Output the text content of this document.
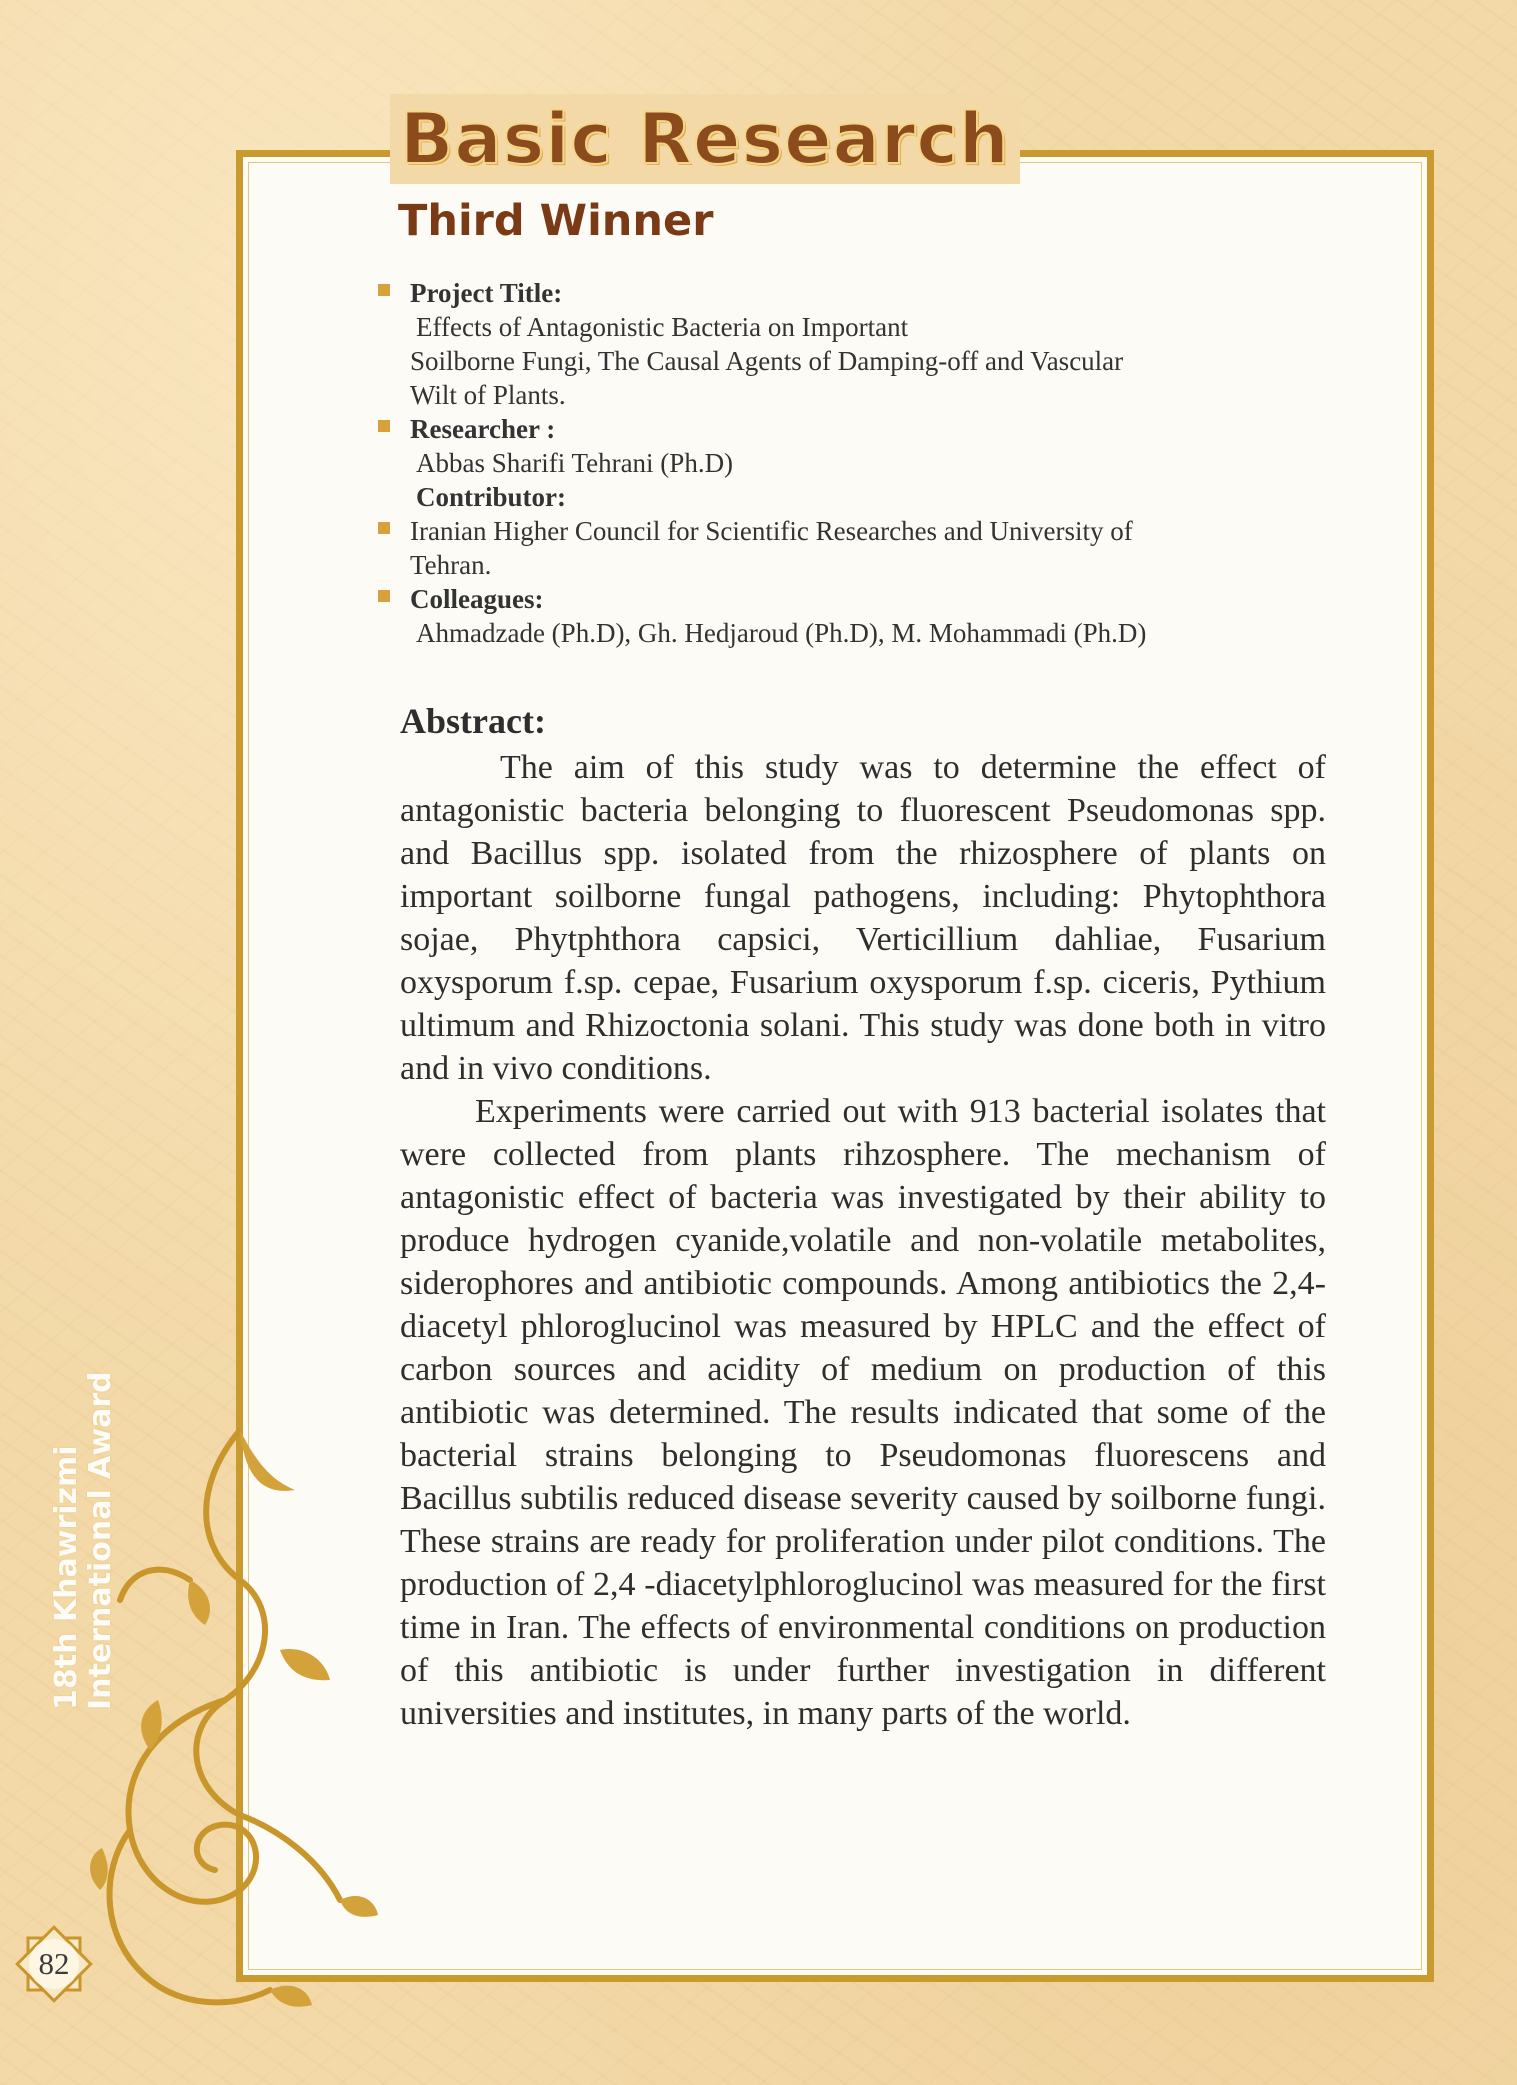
Basic Research
Third Winner
Project Title:
Effects of Antagonistic Bacteria on Important
Soilborne Fungi, The Causal Agents of Damping-off and Vascular
Wilt of Plants.
Researcher :
Abbas Sharifi Tehrani (Ph.D)
Contributor:
Iranian Higher Council for Scientific Researches and University of
Tehran.
Colleagues:
Ahmadzade (Ph.D), Gh. Hedjaroud (Ph.D), M. Mohammadi (Ph.D)

Abstract:

The aim of this study was to determine the effect of antagonistic bacteria belonging to fluorescent Pseudomonas spp. and Bacillus spp. isolated from the rhizosphere of plants on important soilborne fungal pathogens, including: Phytophthora sojae, Phytphthora capsici, Verticillium dahliae, Fusarium oxysporum f.sp. cepae, Fusarium oxysporum f.sp. ciceris, Pythium ultimum and Rhizoctonia solani. This study was done both in vitro and in vivo conditions.

Experiments were carried out with 913 bacterial isolates that were collected from plants rihzosphere. The mechanism of antagonistic effect of bacteria was investigated by their ability to produce hydrogen cyanide,volatile and non-volatile metabolites, siderophores and antibiotic compounds. Among antibiotics the 2,4-diacetyl phloroglucinol was measured by HPLC and the effect of carbon sources and acidity of medium on production of this antibiotic was determined. The results indicated that some of the bacterial strains belonging to Pseudomonas fluorescens and Bacillus subtilis reduced disease severity caused by soilborne fungi. These strains are ready for proliferation under pilot conditions. The production of 2,4 -diacetylphloroglucinol was measured for the first time in Iran. The effects of environmental conditions on production of this antibiotic is under further investigation in different universities and institutes, in many parts of the world.

18th Khawrizmi International Award
82
